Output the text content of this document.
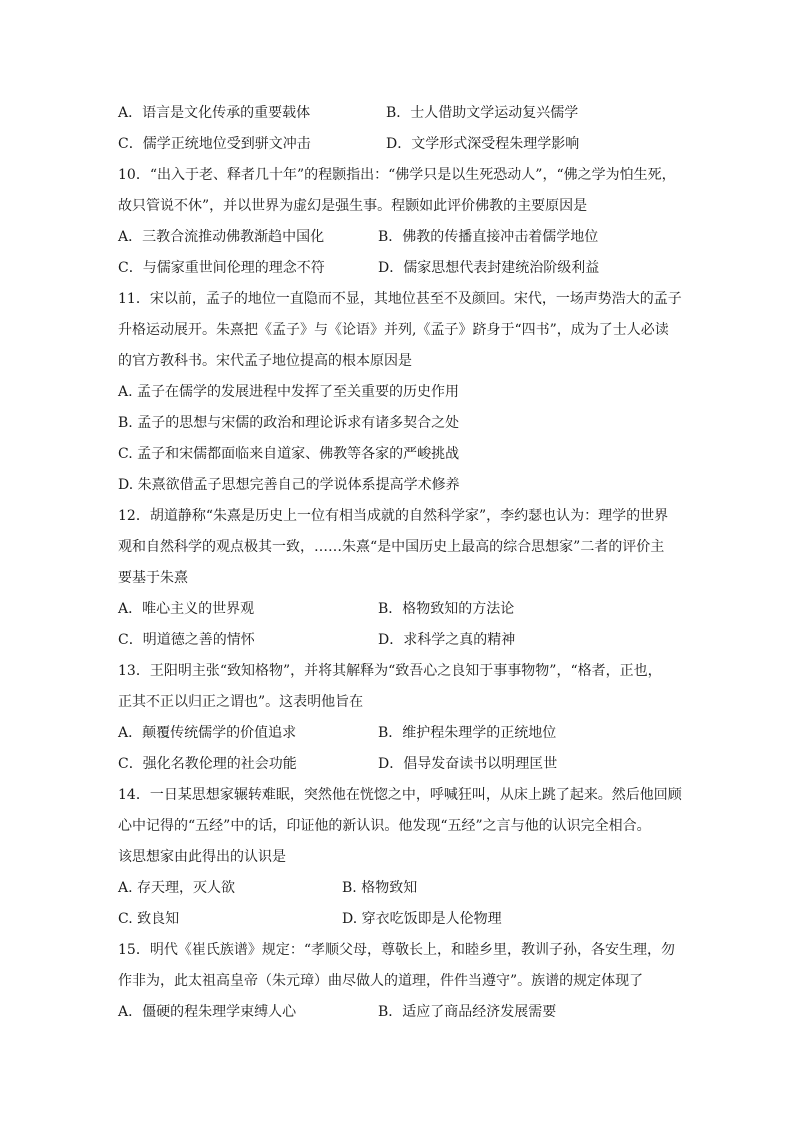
A．语言是文化传承的重要载体	B．士人借助文学运动复兴儒学
C．儒学正统地位受到骈文冲击	D．文学形式深受程朱理学影响
10．“出入于老、释者几十年”的程颢指出：“佛学只是以生死恐动人”，“佛之学为怕生死，
故只管说不休”，并以世界为虚幻是强生事。程颢如此评价佛教的主要原因是
A．三教合流推动佛教渐趋中国化	B．佛教的传播直接冲击着儒学地位
C．与儒家重世间伦理的理念不符	D．儒家思想代表封建统治阶级利益
11．宋以前，孟子的地位一直隐而不显，其地位甚至不及颜回。宋代，一场声势浩大的孟子
升格运动展开。朱熹把《孟子》与《论语》并列,《孟子》跻身于“四书”，成为了士人必读
的官方教科书。宋代孟子地位提高的根本原因是
A. 孟子在儒学的发展进程中发挥了至关重要的历史作用
B. 孟子的思想与宋儒的政治和理论诉求有诸多契合之处
C. 孟子和宋儒都面临来自道家、佛教等各家的严峻挑战
D. 朱熹欲借孟子思想完善自己的学说体系提高学术修养
12．胡道静称“朱熹是历史上一位有相当成就的自然科学家”，李约瑟也认为：理学的世界
观和自然科学的观点极其一致，……朱熹“是中国历史上最高的综合思想家”二者的评价主
要基于朱熹
A．唯心主义的世界观	B．格物致知的方法论
C．明道德之善的情怀	D．求科学之真的精神
13．王阳明主张“致知格物”，并将其解释为“致吾心之良知于事事物物”，“格者，正也，
正其不正以归正之谓也”。这表明他旨在
A．颠覆传统儒学的价值追求	B．维护程朱理学的正统地位
C．强化名教伦理的社会功能	D．倡导发奋读书以明理匡世
14．一日某思想家辗转难眠，突然他在恍惚之中，呼喊狂叫，从床上跳了起来。然后他回顾
心中记得的“五经”中的话，印证他的新认识。他发现“五经”之言与他的认识完全相合。
该思想家由此得出的认识是
A. 存天理，灭人欲	B. 格物致知
C. 致良知	D. 穿衣吃饭即是人伦物理
15．明代《崔氏族谱》规定：“孝顺父母，尊敬长上，和睦乡里，教训子孙，各安生理，勿
作非为，此太祖高皇帝（朱元璋）曲尽做人的道理，件件当遵守”。族谱的规定体现了
A．僵硬的程朱理学束缚人心	B．适应了商品经济发展需要
